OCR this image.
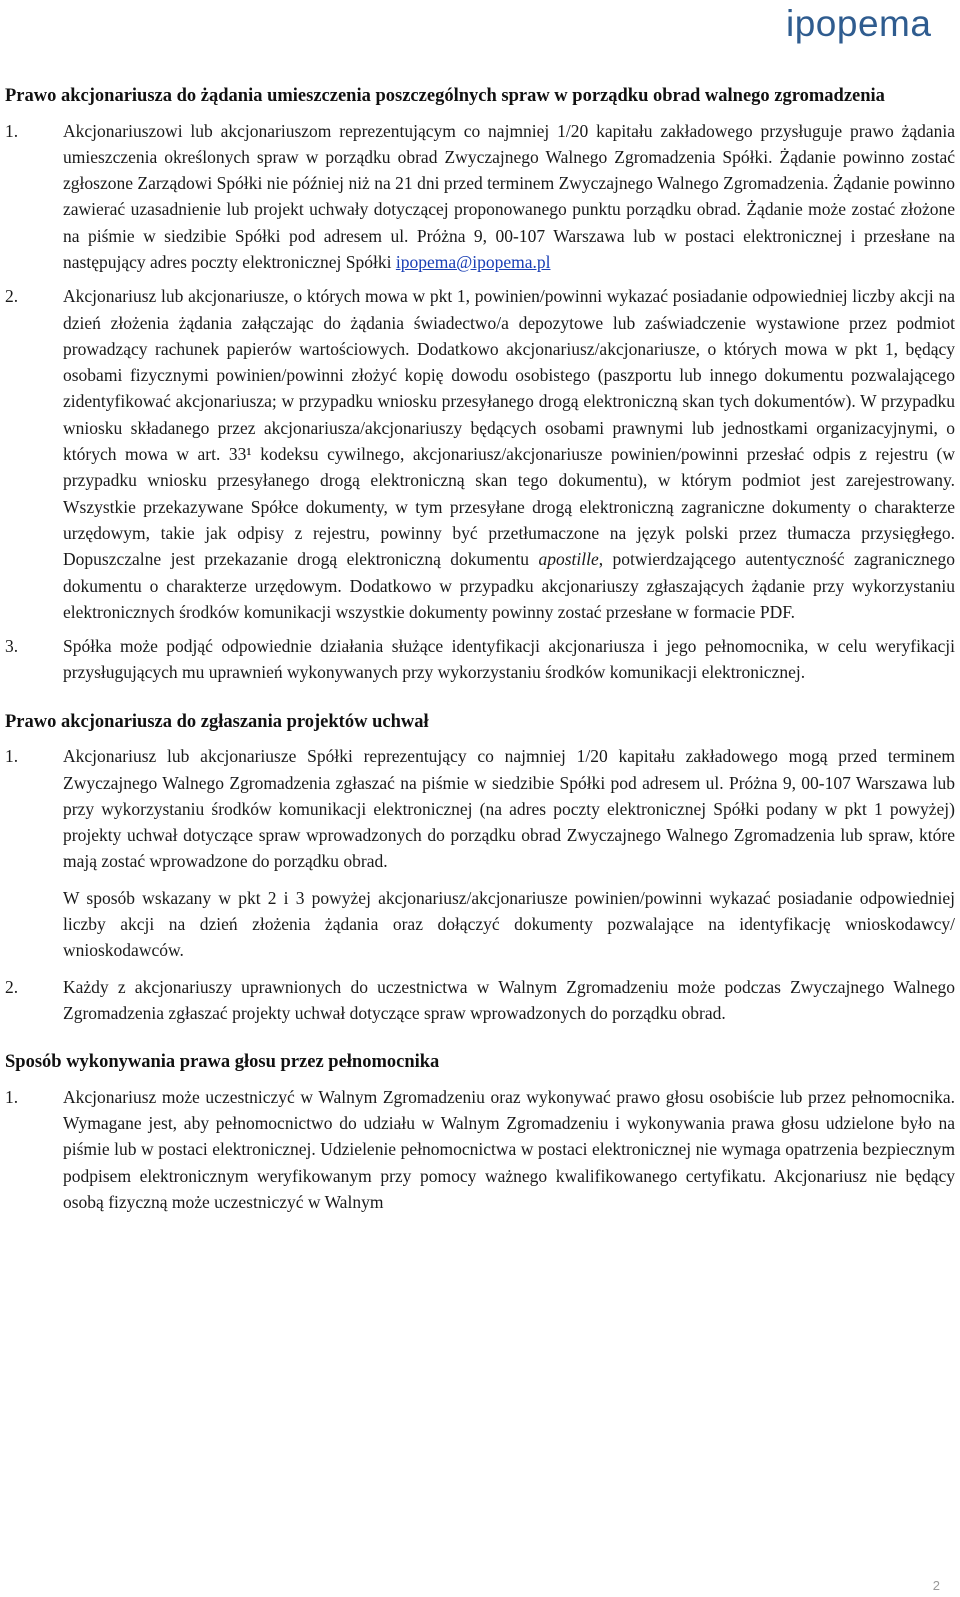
ipopema
Prawo akcjonariusza do żądania umieszczenia poszczególnych spraw w porządku obrad walnego zgromadzenia
1.	Akcjonariuszowi lub akcjonariuszom reprezentującym co najmniej 1/20 kapitału zakładowego przysługuje prawo żądania umieszczenia określonych spraw w porządku obrad Zwyczajnego Walnego Zgromadzenia Spółki. Żądanie powinno zostać zgłoszone Zarządowi Spółki nie później niż na 21 dni przed terminem Zwyczajnego Walnego Zgromadzenia. Żądanie powinno zawierać uzasadnienie lub projekt uchwały dotyczącej proponowanego punktu porządku obrad. Żądanie może zostać złożone na piśmie w siedzibie Spółki pod adresem ul. Próżna 9, 00-107 Warszawa lub w postaci elektronicznej i przesłane na następujący adres poczty elektronicznej Spółki ipopema@ipopema.pl
2.	Akcjonariusz lub akcjonariusze, o których mowa w pkt 1, powinien/powinni wykazać posiadanie odpowiedniej liczby akcji na dzień złożenia żądania załączając do żądania świadectwo/a depozytowe lub zaświadczenie wystawione przez podmiot prowadzący rachunek papierów wartościowych. Dodatkowo akcjonariusz/akcjonariusze, o których mowa w pkt 1, będący osobami fizycznymi powinien/powinni złożyć kopię dowodu osobistego (paszportu lub innego dokumentu pozwalającego zidentyfikować akcjonariusza; w przypadku wniosku przesyłanego drogą elektroniczną skan tych dokumentów). W przypadku wniosku składanego przez akcjonariusza/akcjonariuszy będących osobami prawnymi lub jednostkami organizacyjnymi, o których mowa w art. 33¹ kodeksu cywilnego, akcjonariusz/akcjonariusze powinien/powinni przesłać odpis z rejestru (w przypadku wniosku przesyłanego drogą elektroniczną skan tego dokumentu), w którym podmiot jest zarejestrowany. Wszystkie przekazywane Spółce dokumenty, w tym przesyłane drogą elektroniczną zagraniczne dokumenty o charakterze urzędowym, takie jak odpisy z rejestru, powinny być przetłumaczone na język polski przez tłumacza przysięgłego. Dopuszczalne jest przekazanie drogą elektroniczną dokumentu apostille, potwierdzającego autentyczność zagranicznego dokumentu o charakterze urzędowym. Dodatkowo w przypadku akcjonariuszy zgłaszających żądanie przy wykorzystaniu elektronicznych środków komunikacji wszystkie dokumenty powinny zostać przesłane w formacie PDF.
3.	Spółka może podjąć odpowiednie działania służące identyfikacji akcjonariusza i jego pełnomocnika, w celu weryfikacji przysługujących mu uprawnień wykonywanych przy wykorzystaniu środków komunikacji elektronicznej.
Prawo akcjonariusza do zgłaszania projektów uchwał
1.	Akcjonariusz lub akcjonariusze Spółki reprezentujący co najmniej 1/20 kapitału zakładowego mogą przed terminem Zwyczajnego Walnego Zgromadzenia zgłaszać na piśmie w siedzibie Spółki pod adresem ul. Próżna 9, 00-107 Warszawa lub przy wykorzystaniu środków komunikacji elektronicznej (na adres poczty elektronicznej Spółki podany w pkt 1 powyżej) projekty uchwał dotyczące spraw wprowadzonych do porządku obrad Zwyczajnego Walnego Zgromadzenia lub spraw, które mają zostać wprowadzone do porządku obrad.
W sposób wskazany w pkt 2 i 3 powyżej akcjonariusz/akcjonariusze powinien/powinni wykazać posiadanie odpowiedniej liczby akcji na dzień złożenia żądania oraz dołączyć dokumenty pozwalające na identyfikację wnioskodawcy/ wnioskodawców.
2.	Każdy z akcjonariuszy uprawnionych do uczestnictwa w Walnym Zgromadzeniu może podczas Zwyczajnego Walnego Zgromadzenia zgłaszać projekty uchwał dotyczące spraw wprowadzonych do porządku obrad.
Sposób wykonywania prawa głosu przez pełnomocnika
1.	Akcjonariusz może uczestniczyć w Walnym Zgromadzeniu oraz wykonywać prawo głosu osobiście lub przez pełnomocnika. Wymagane jest, aby pełnomocnictwo do udziału w Walnym Zgromadzeniu i wykonywania prawa głosu udzielone było na piśmie lub w postaci elektronicznej. Udzielenie pełnomocnictwa w postaci elektronicznej nie wymaga opatrzenia bezpiecznym podpisem elektronicznym weryfikowanym przy pomocy ważnego kwalifikowanego certyfikatu. Akcjonariusz nie będący osobą fizyczną może uczestniczyć w Walnym
2
